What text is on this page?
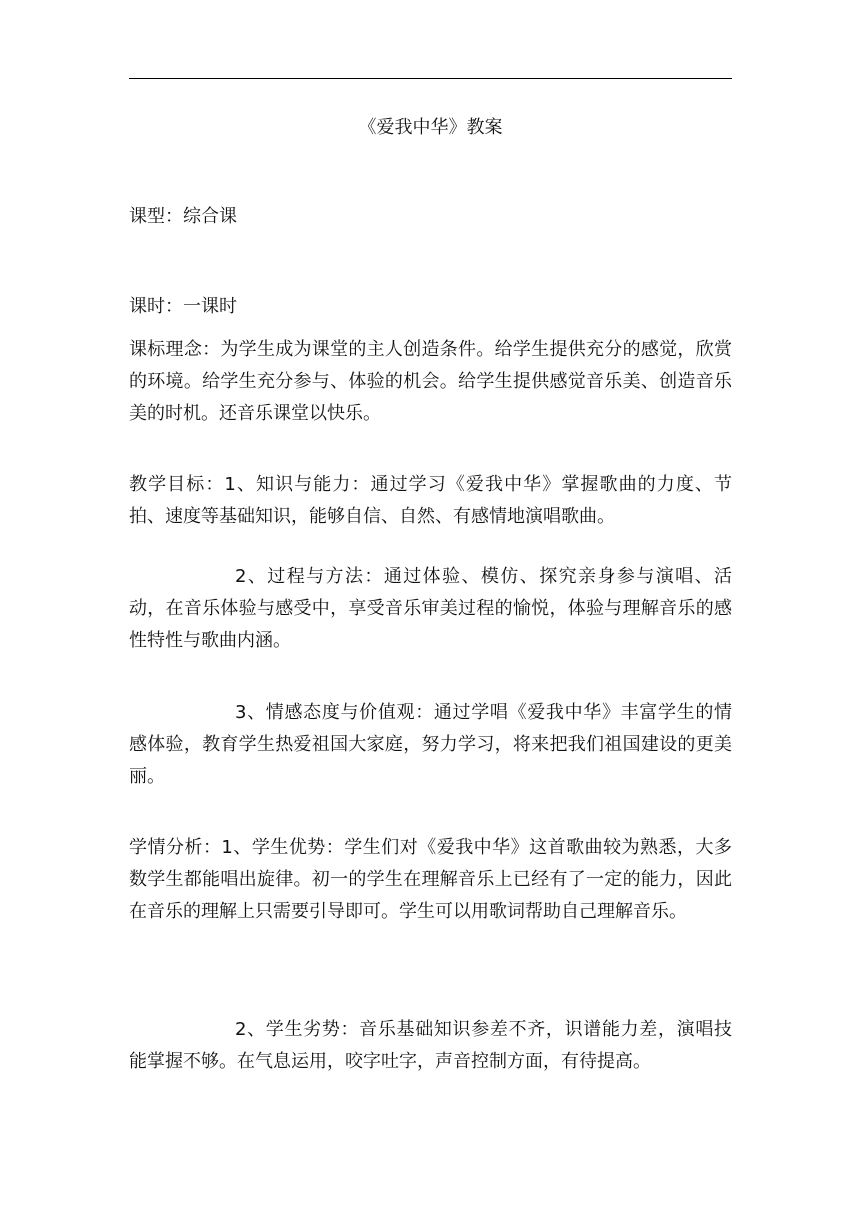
《爱我中华》教案

课型：综合课

课时：一课时

课标理念：为学生成为课堂的主人创造条件。给学生提供充分的感觉，欣赏的环境。给学生充分参与、体验的机会。给学生提供感觉音乐美、创造音乐美的时机。还音乐课堂以快乐。

教学目标：1、知识与能力：通过学习《爱我中华》掌握歌曲的力度、节拍、速度等基础知识，能够自信、自然、有感情地演唱歌曲。

2、过程与方法：通过体验、模仿、探究亲身参与演唱、活动，在音乐体验与感受中，享受音乐审美过程的愉悦，体验与理解音乐的感性特性与歌曲内涵。

3、情感态度与价值观：通过学唱《爱我中华》丰富学生的情感体验，教育学生热爱祖国大家庭，努力学习，将来把我们祖国建设的更美丽。

学情分析：1、学生优势：学生们对《爱我中华》这首歌曲较为熟悉，大多数学生都能唱出旋律。初一的学生在理解音乐上已经有了一定的能力，因此在音乐的理解上只需要引导即可。学生可以用歌词帮助自己理解音乐。

2、学生劣势：音乐基础知识参差不齐，识谱能力差，演唱技能掌握不够。在气息运用，咬字吐字，声音控制方面，有待提高。
